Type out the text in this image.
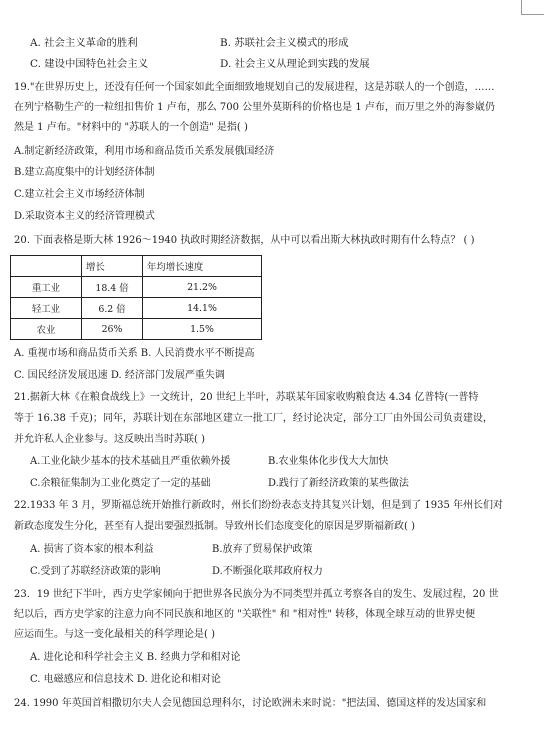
A. 社会主义革命的胜利	B. 苏联社会主义模式的形成
C. 建设中国特色社会主义	D. 社会主义从理论到实践的发展
19."在世界历史上，还没有任何一个国家如此全面细致地规划自己的发展进程，这是苏联人的一个创造，……
在列宁格勒生产的一粒纽扣售价 1 卢布，那么 700 公里外莫斯科的价格也是 1 卢布，而万里之外的海参崴仍
然是 1 卢布。"材料中的 "苏联人的一个创造" 是指( )
A.制定新经济政策，利用市场和商品货币关系发展俄国经济
B.建立高度集中的计划经济体制
C.建立社会主义市场经济体制
D.采取资本主义的经济管理模式
20. 下面表格是斯大林 1926～1940 执政时期经济数据，从中可以看出斯大林执政时期有什么特点？ ( )
	增长	年均增长速度
重工业	18.4 倍	21.2%
轻工业	6.2 倍	14.1%
农业	26%	1.5%
A. 重视市场和商品货币关系 B. 人民消费水平不断提高
C. 国民经济发展迅速 D. 经济部门发展严重失调
21.据新大林《在粮食战线上》一文统计，20 世纪上半叶，苏联某年国家收购粮食达 4.34 亿普特(一普特
等于 16.38 千克)；同年，苏联计划在东部地区建立一批工厂，经讨论决定，部分工厂由外国公司负责建设，
并允许私人企业参与。这反映出当时苏联( )
A.工业化缺少基本的技术基础且严重依赖外援	B.农业集体化步伐大大加快
C.余粮征集制为工业化奠定了一定的基础	D.践行了新经济政策的某些做法
22.1933 年 3 月，罗斯福总统开始推行新政时，州长们纷纷表态支持其复兴计划，但是到了 1935 年州长们对
新政态度发生分化，甚至有人提出要强烈抵制。导致州长们态度变化的原因是罗斯福新政( )
A. 损害了资本家的根本利益	B.放弃了贸易保护政策
C.受到了苏联经济政策的影响	D.不断强化联邦政府权力
23．19 世纪下半叶，西方史学家倾向于把世界各民族分为不同类型并孤立考察各自的发生、发展过程，20 世
纪以后，西方史学家的注意力向不同民族和地区的 "关联性" 和 "相对性" 转移，体现全球互动的世界史便
应运而生。与这一变化最相关的科学理论是( )
A. 进化论和科学社会主义 B. 经典力学和相对论
C. 电磁感应和信息技术 D. 进化论和相对论
24. 1990 年英国首相撒切尔夫人会见德国总理科尔，讨论欧洲未来时说："把法国、德国这样的发达国家和
